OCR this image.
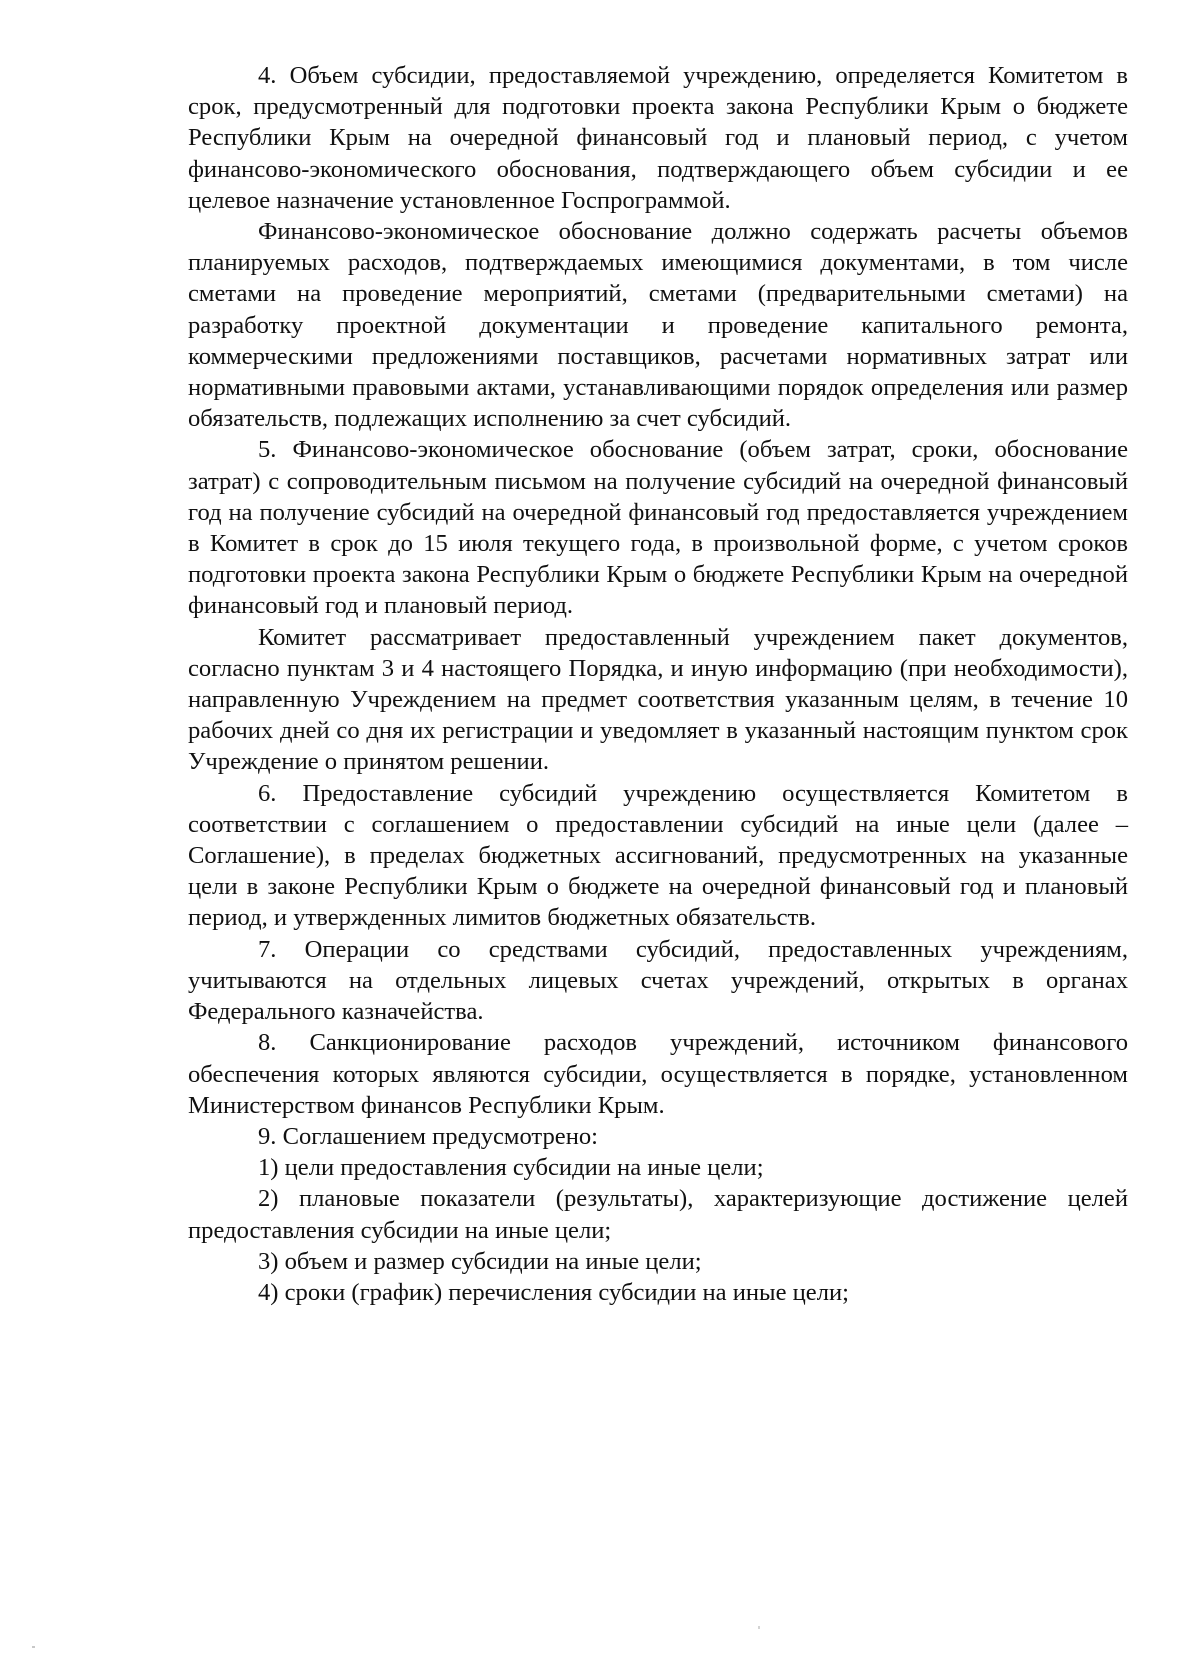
4. Объем субсидии, предоставляемой учреждению, определяется Комитетом в срок, предусмотренный для подготовки проекта закона Республики Крым о бюджете Республики Крым на очередной финансовый год и плановый период, с учетом финансово-экономического обоснования, подтверждающего объем субсидии и ее целевое назначение установленное Госпрограммой.

Финансово-экономическое обоснование должно содержать расчеты объемов планируемых расходов, подтверждаемых имеющимися документами, в том числе сметами на проведение мероприятий, сметами (предварительными сметами) на разработку проектной документации и проведение капитального ремонта, коммерческими предложениями поставщиков, расчетами нормативных затрат или нормативными правовыми актами, устанавливающими порядок определения или размер обязательств, подлежащих исполнению за счет субсидий.

5. Финансово-экономическое обоснование (объем затрат, сроки, обоснование затрат) с сопроводительным письмом на получение субсидий на очередной финансовый год на получение субсидий на очередной финансовый год предоставляется учреждением в Комитет в срок до 15 июля текущего года, в произвольной форме, с учетом сроков подготовки проекта закона Республики Крым о бюджете Республики Крым на очередной финансовый год и плановый период.

Комитет рассматривает предоставленный учреждением пакет документов, согласно пунктам 3 и 4 настоящего Порядка, и иную информацию (при необходимости), направленную Учреждением на предмет соответствия указанным целям, в течение 10 рабочих дней со дня их регистрации и уведомляет в указанный настоящим пунктом срок Учреждение о принятом решении.

6. Предоставление субсидий учреждению осуществляется Комитетом в соответствии с соглашением о предоставлении субсидий на иные цели (далее – Соглашение), в пределах бюджетных ассигнований, предусмотренных на указанные цели в законе Республики Крым о бюджете на очередной финансовый год и плановый период, и утвержденных лимитов бюджетных обязательств.

7. Операции со средствами субсидий, предоставленных учреждениям, учитываются на отдельных лицевых счетах учреждений, открытых в органах Федерального казначейства.

8. Санкционирование расходов учреждений, источником финансового обеспечения которых являются субсидии, осуществляется в порядке, установленном Министерством финансов Республики Крым.

9. Соглашением предусмотрено:

1) цели предоставления субсидии на иные цели;

2) плановые показатели (результаты), характеризующие достижение целей предоставления субсидии на иные цели;

3) объем и размер субсидии на иные цели;

4) сроки (график) перечисления субсидии на иные цели;
